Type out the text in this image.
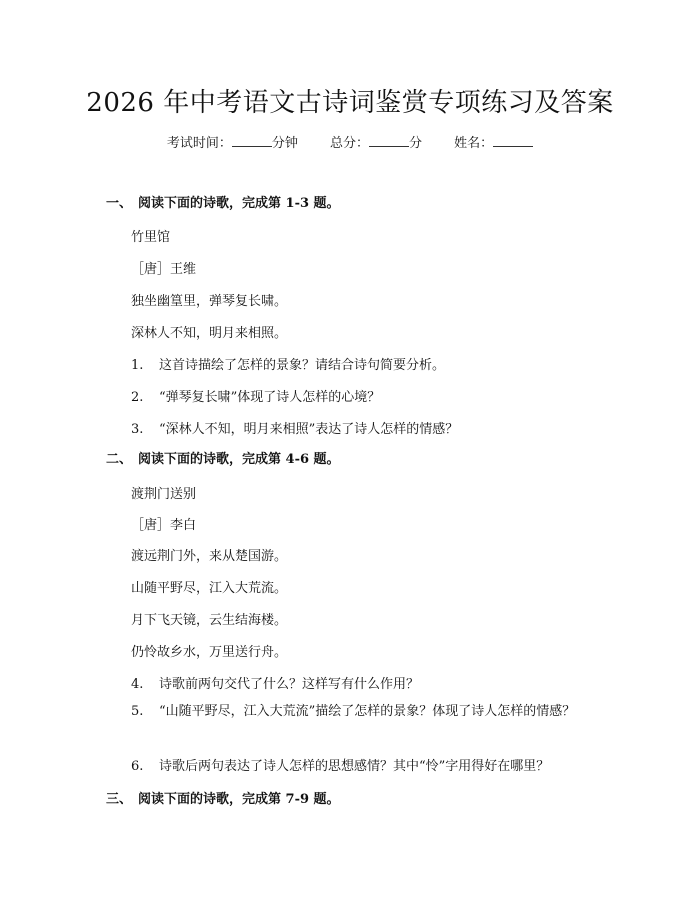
2026 年中考语文古诗词鉴赏专项练习及答案
考试时间：	分钟 总分：	分 姓名：
一、 阅读下面的诗歌，完成第 1-3 题。
竹里馆
［唐］王维
独坐幽篁里，弹琴复长啸。
深林人不知，明月来相照。
1. 这首诗描绘了怎样的景象？请结合诗句简要分析。
2. “弹琴复长啸”体现了诗人怎样的心境？
3. “深林人不知，明月来相照”表达了诗人怎样的情感？
二、 阅读下面的诗歌，完成第 4-6 题。
渡荆门送别
［唐］李白
渡远荆门外，来从楚国游。
山随平野尽，江入大荒流。
月下飞天镜，云生结海楼。
仍怜故乡水，万里送行舟。
4. 诗歌前两句交代了什么？这样写有什么作用？
5. “山随平野尽，江入大荒流”描绘了怎样的景象？体现了诗人怎样的情感？
6. 诗歌后两句表达了诗人怎样的思想感情？其中“怜”字用得好在哪里？
三、 阅读下面的诗歌，完成第 7-9 题。
